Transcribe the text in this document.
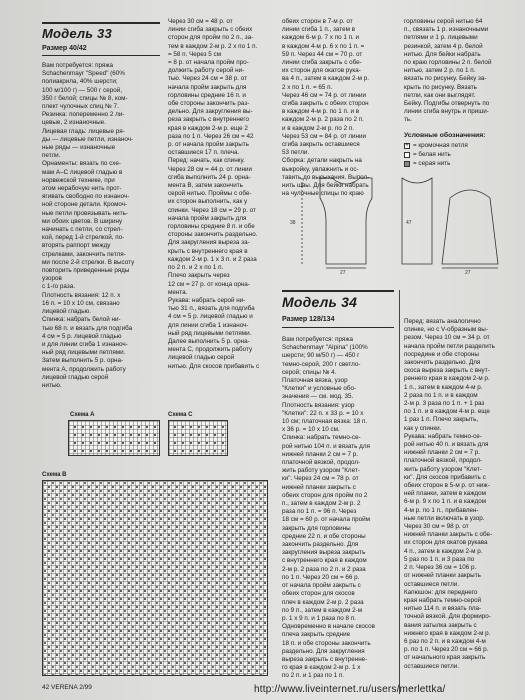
Модель 33
Размер 40/42
Вам потребуется: пряжа
Schachenmayr "Speed" (60%
полиакрила, 40% шерсти;
100 м/100 г) — 500 г серой,
350 г белой; спицы № 8, ком-
плект чулочных спиц № 7.
Резинка: попеременно 2 ли-
цевые, 2 изнаночные.
Лицевая гладь: лицевые ря-
ды — лицевые петли, изнаноч-
ные ряды — изнаночные
петли.
Орнаменты: вязать по схе-
мам А–С лицевой гладью в
норвежской технике, при
этом нерабочую нить прот-
ягивать свободно по изнаноч-
ной стороне детали. Кромоч-
ные петли провязывать нить-
ми обоих цветов. В ширину
начинать с петли, со стрел-
кой, перед 1-й стрелкой, по-
вторять раппорт между
стрелками, закончить петля-
ми после 2-й стрелки. В высоту
повторить приведенные ряды
узоров
с 1-го раза.
Плотность вязания: 12 п. х
16 п. = 10 х 10 см, связано
лицевой гладью.
Спинка: набрать белой ни-
тью 68 п. и вязать для подгиба
4 см = 5 р. лицевой гладью
и для линии сгиба 1 изнаноч-
ный ряд лицевыми петлями.
Затем выполнить 5 р. орна-
мента А, продолжить работу
лицевой гладью серой
нитью.
Через 30 см = 48 р. от
линии сгиба закрыть с обеих
сторон для пройм по 2 п., за-
тем в каждом 2-м р. 2 х по 1 п.
= 58 п. Через 5 см
= 8 р. от начала пройм про-
должить работу серой ни-
тью. Через 24 см = 38 р. от
начала пройм закрыть для
горловины средние 16 п. и
обе стороны закончить раз-
дельно. Для закругления вы-
реза закрыть с внутреннего
края в каждом 2-м р. еще 2
раза по 1 п. Через 26 см = 42
р. от начала пройм закрыть
оставшиеся 17 п. плеча.
Перед: начать, как спинку.
Через 28 см = 44 р. от линии
сгиба выполнить 24 р. орна-
мента В, затем закончить
серой нитью. Проймы с обе-
их сторон выполнить, как у
спинки. Через 18 см = 29 р. от
начала пройм закрыть для
горловины средние 8 п. и обе
стороны закончить раздельно.
Для закругления выреза за-
крыть с внутреннего края в
каждом 2-м р. 1 х 3 п. и 2 раза
по 2 п. и 2 х по 1 п.
Плечо закрыть через
12 см = 27 р. от конца орна-
мента.
Рукава: набрать серой ни-
тью 31 п., вязать для подгиба
4 см = 5 р. лицевой гладью и
для линии сгиба 1 изнаноч-
ный ряд лицевыми петлями.
Далее выполнить 5 р. орна-
мента С, продолжить работу
лицевой гладью серой
нитью. Для скосов прибавить с
обеих сторон в 7-м р. от
линии сгиба 1 п., затем в
каждом 6-м р. 7 х по 1 п. и
в каждом 4-м р. 6 х по 1 п. =
59 п. Через 44 см = 70 р. от
линии сгиба закрыть с обе-
их сторон для окатов рука-
ва 4 п., затем в каждом 2-м р.
2 х по 1 п. = 65 п.
Через 46 см = 74 р. от линии
сгиба закрыть с обеих сторон
в каждом 4-м р. по 1 п. и в
каждом 2-м р. 2 раза по 2 п.
и в каждом 2-м р. по 2 п.
Через 53 см = 84 р. от линии
сгиба закрыть оставшиеся
53 петли.
Сборка: детали накрыть на
выкройку, увлажнить и ос-
тавить до высыхания. Выпол-
нить швы. Для бейки набрать
на чулочные спицы по краю
горловины серой нитью 64
п., связать 1 р. изнаночными
петлями и 1 р. лицевыми
резинкой, затем 4 р. белой
нитью. Для бейки набрать
по краю горловины 2 п. белой
нитью, затем 2 р. по 1 п.
вязать по рисунку. Бейку за-
крыть по рисунку. Вязать
петли, как они выглядят.
Бейку. Подгибы отвернуть по
линии сгиба внутрь и приши-
ть.
Условные обозначения:
+ = кромочная петля
= белая нить
= серая нить
27	27
38	47
Схема А	Схема С
Схема В
Модель 34
Размер 128/134
Вам потребуется: пряжа
Schachenmayr "Alpina" (100%
шерсти; 90 м/50 г) — 450 г
темно-серой, 200 г светло-
серой; спицы № 4.
Платочная вязка, узор
"Клетки" и условные обо-
значения — см. мод. 35.
Плотность вязания: узор
"Клетки": 22 п. х 33 р. = 10 х
10 см; платочная вязка: 18 п.
х 36 р. = 10 х 10 см.
Спинка: набрать темно-се-
рой нитью 104 п. и вязать для
нижней планки 2 см = 7 р.
платочной вязкой, продол-
жить работу узором "Клет-
ки". Через 24 см = 78 р. от
нижней планки закрыть с
обеих сторон для пройм по 2
п., затем в каждом 2-м р. 2
раза по 1 п. = 96 п. Через
18 см = 60 р. от начала пройм
закрыть для горловины
средние 22 п. и обе стороны
закончить раздельно. Для
закругления выреза закрыть
с внутреннего края в каждом
2-м р. 2 раза по 2 п. и 2 раза
по 1 п. Через 20 см = 66 р.
от начала пройм закрыть с
обеих сторон для скосов
плеч в каждом 2-м р. 2 раза
по 9 п., затем в каждом 2-м
р. 1 х 9 п. и 1 раза по 8 п.
Одновременно в начале скосов
плеча закрыть средние
18 п. и обе стороны закончить
раздельно. Для закругления
выреза закрыть с внутренне-
го края в каждом 2-м р. 1 х
по 2 п. и 1 раз по 1 п.
Перед: вязать аналогично
спинке, но с V-образным вы-
резом. Через 10 см = 34 р. от
начала пройм петли разделить
посредине и обе стороны
закончить раздельно. Для
скоса выреза закрыть с внут-
реннего края в каждом 2-м р.
1 п., затем в каждом 4-м р.
2 раза по 1 п. и в каждом
2-м р. 3 раза по 1 п. + 1 раз
по 1 п. и в каждом 4-м р. еще
1 раз 1 п. Плечо закрыть,
как у спинки.
Рукава: набрать темно-се-
рой нитью 40 п. и вязать для
нижней планки 2 см = 7 р.
платочной вязкой, продол-
жить работу узором "Клет-
ки". Для скосов прибавить с
обеих сторон в 5-м р. от ниж-
ней планки, затем в каждом
6-м р. 9 х по 1 п. и в каждом
4-м р. по 1 п., прибавлен-
ные петли включать в узор.
Через 30 см = 98 р. от
нижней планки закрыть с обе-
их сторон для окатов рукава
4 п., затем в каждом 2-м р.
5 раз по 1 п. и 3 раза по
2 п. Через 36 см = 106 р.
от нижней планки закрыть
оставшиеся петли.
Капюшон: для переднего
края набрать темно-серой
нитью 114 п. и вязать пла-
точной вязкой. Для формиро-
вания затылка закрыть с
нижнего края в каждом 2-м р.
6 раз по 2 п. и в каждом 4-м
р. по 1 п. Через 20 см = 66 р.
от начального края закрыть
оставшиеся петли.
42 VERENA 2/99	http://www.liveinternet.ru/users/merlettka/
